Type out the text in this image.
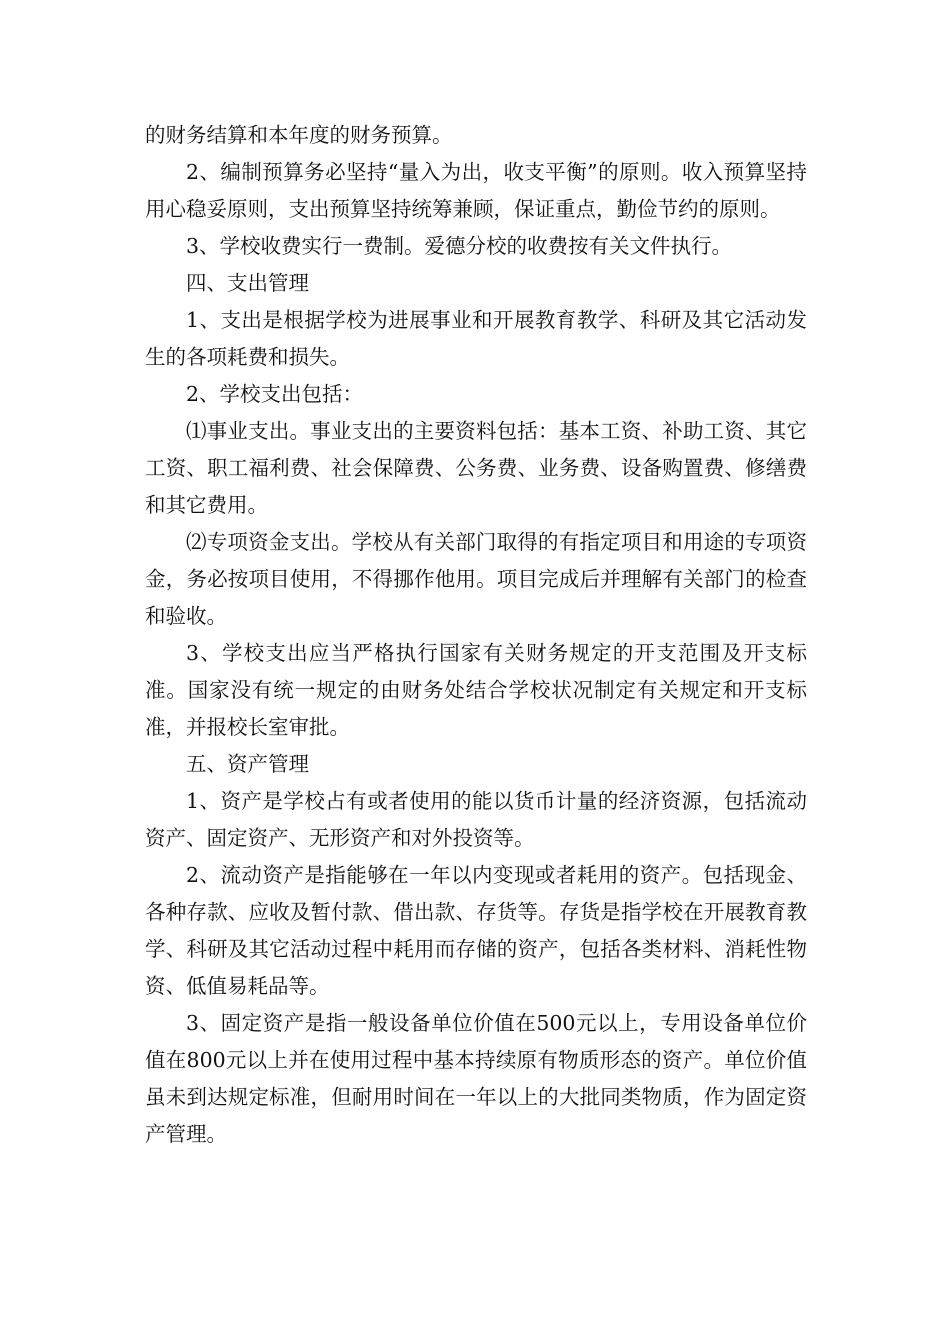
的财务结算和本年度的财务预算。

2、编制预算务必坚持“量入为出，收支平衡”的原则。收入预算坚持用心稳妥原则，支出预算坚持统筹兼顾，保证重点，勤俭节约的原则。

3、学校收费实行一费制。爱德分校的收费按有关文件执行。

四、支出管理

1、支出是根据学校为进展事业和开展教育教学、科研及其它活动发生的各项耗费和损失。

2、学校支出包括：

⑴事业支出。事业支出的主要资料包括：基本工资、补助工资、其它工资、职工福利费、社会保障费、公务费、业务费、设备购置费、修缮费和其它费用。

⑵专项资金支出。学校从有关部门取得的有指定项目和用途的专项资金，务必按项目使用，不得挪作他用。项目完成后并理解有关部门的检查和验收。

3、学校支出应当严格执行国家有关财务规定的开支范围及开支标准。国家没有统一规定的由财务处结合学校状况制定有关规定和开支标准，并报校长室审批。

五、资产管理

1、资产是学校占有或者使用的能以货币计量的经济资源，包括流动资产、固定资产、无形资产和对外投资等。

2、流动资产是指能够在一年以内变现或者耗用的资产。包括现金、各种存款、应收及暂付款、借出款、存货等。存货是指学校在开展教育教学、科研及其它活动过程中耗用而存储的资产，包括各类材料、消耗性物资、低值易耗品等。

3、固定资产是指一般设备单位价值在500元以上，专用设备单位价值在800元以上并在使用过程中基本持续原有物质形态的资产。单位价值虽未到达规定标准，但耐用时间在一年以上的大批同类物质，作为固定资产管理。
